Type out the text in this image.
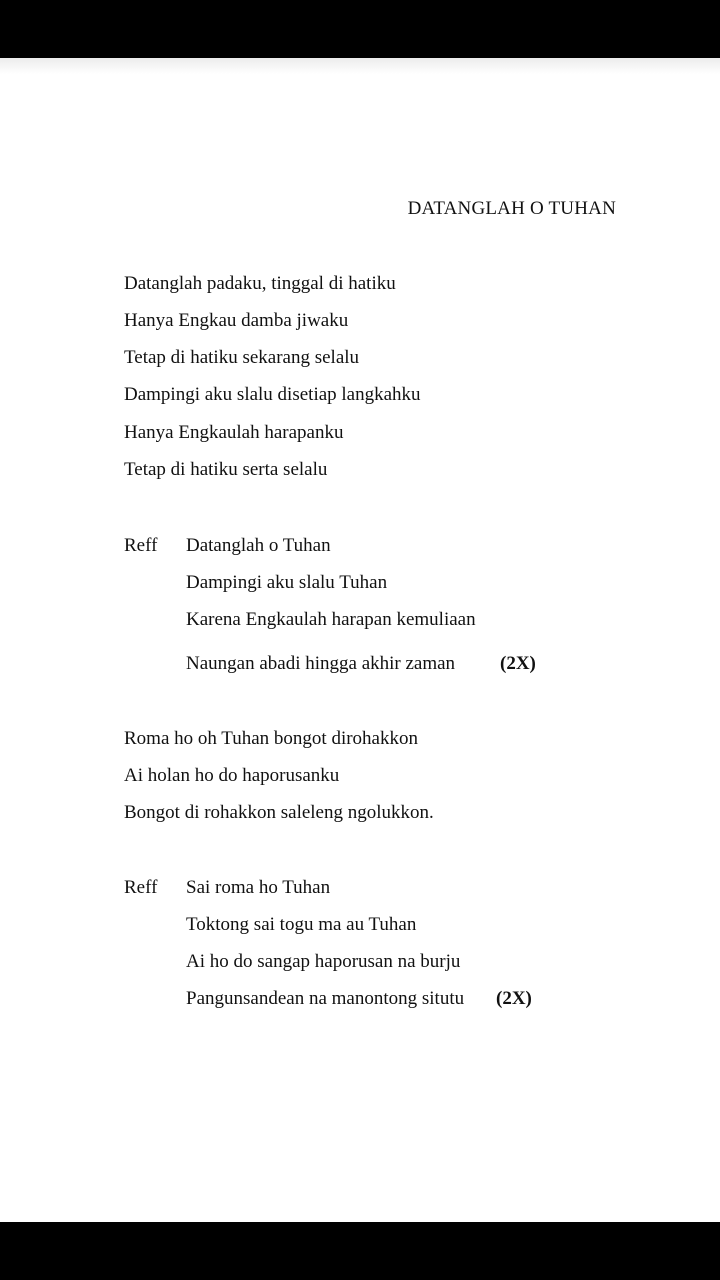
DATANGLAH O TUHAN
Datanglah padaku, tinggal di hatiku
Hanya Engkau damba jiwaku
Tetap di hatiku sekarang selalu
Dampingi aku slalu disetiap langkahku
Hanya Engkaulah harapanku
Tetap di hatiku serta selalu
Reff Datanglah o Tuhan
Dampingi aku slalu Tuhan
Karena Engkaulah harapan kemuliaan
Naungan abadi hingga akhir zaman (2X)
Roma ho oh Tuhan bongot dirohakkon
Ai holan ho do haporusanku
Bongot di rohakkon saleleng ngolukkon.
Reff Sai roma ho Tuhan
Toktong sai togu ma au Tuhan
Ai ho do sangap haporusan na burju
Pangunsandean na manontong situtu (2X)
